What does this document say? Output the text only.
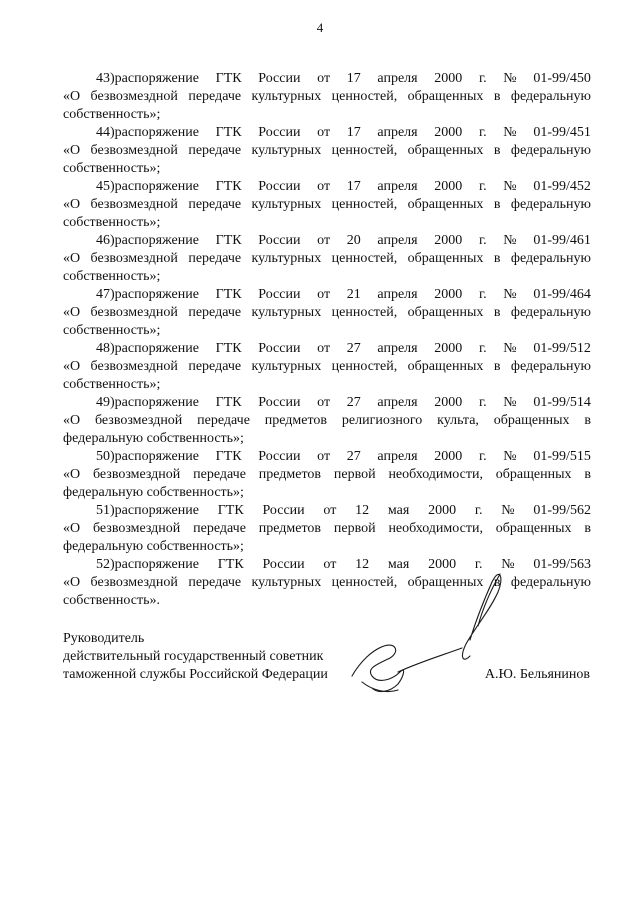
4
43)распоряжение ГТК России от 17 апреля 2000 г. № 01-99/450
«О безвозмездной передаче культурных ценностей, обращенных в федеральную собственность»;
44)распоряжение ГТК России от 17 апреля 2000 г. № 01-99/451
«О безвозмездной передаче культурных ценностей, обращенных в федеральную собственность»;
45)распоряжение ГТК России от 17 апреля 2000 г. № 01-99/452
«О безвозмездной передаче культурных ценностей, обращенных в федеральную собственность»;
46)распоряжение ГТК России от 20 апреля 2000 г. № 01-99/461
«О безвозмездной передаче культурных ценностей, обращенных в федеральную собственность»;
47)распоряжение ГТК России от 21 апреля 2000 г. № 01-99/464
«О безвозмездной передаче культурных ценностей, обращенных в федеральную собственность»;
48)распоряжение ГТК России от 27 апреля 2000 г. № 01-99/512
«О безвозмездной передаче культурных ценностей, обращенных в федеральную собственность»;
49)распоряжение ГТК России от 27 апреля 2000 г. № 01-99/514
«О безвозмездной передаче предметов религиозного культа, обращенных в федеральную собственность»;
50)распоряжение ГТК России от 27 апреля 2000 г. № 01-99/515
«О безвозмездной передаче предметов первой необходимости, обращенных в федеральную собственность»;
51)распоряжение ГТК России от 12 мая 2000 г. № 01-99/562
«О безвозмездной передаче предметов первой необходимости, обращенных в федеральную собственность»;
52)распоряжение ГТК России от 12 мая 2000 г. № 01-99/563
«О безвозмездной передаче культурных ценностей, обращенных в федеральную собственность».
Руководитель
действительный государственный советник
таможенной службы Российской Федерации	А.Ю. Бельянинов
